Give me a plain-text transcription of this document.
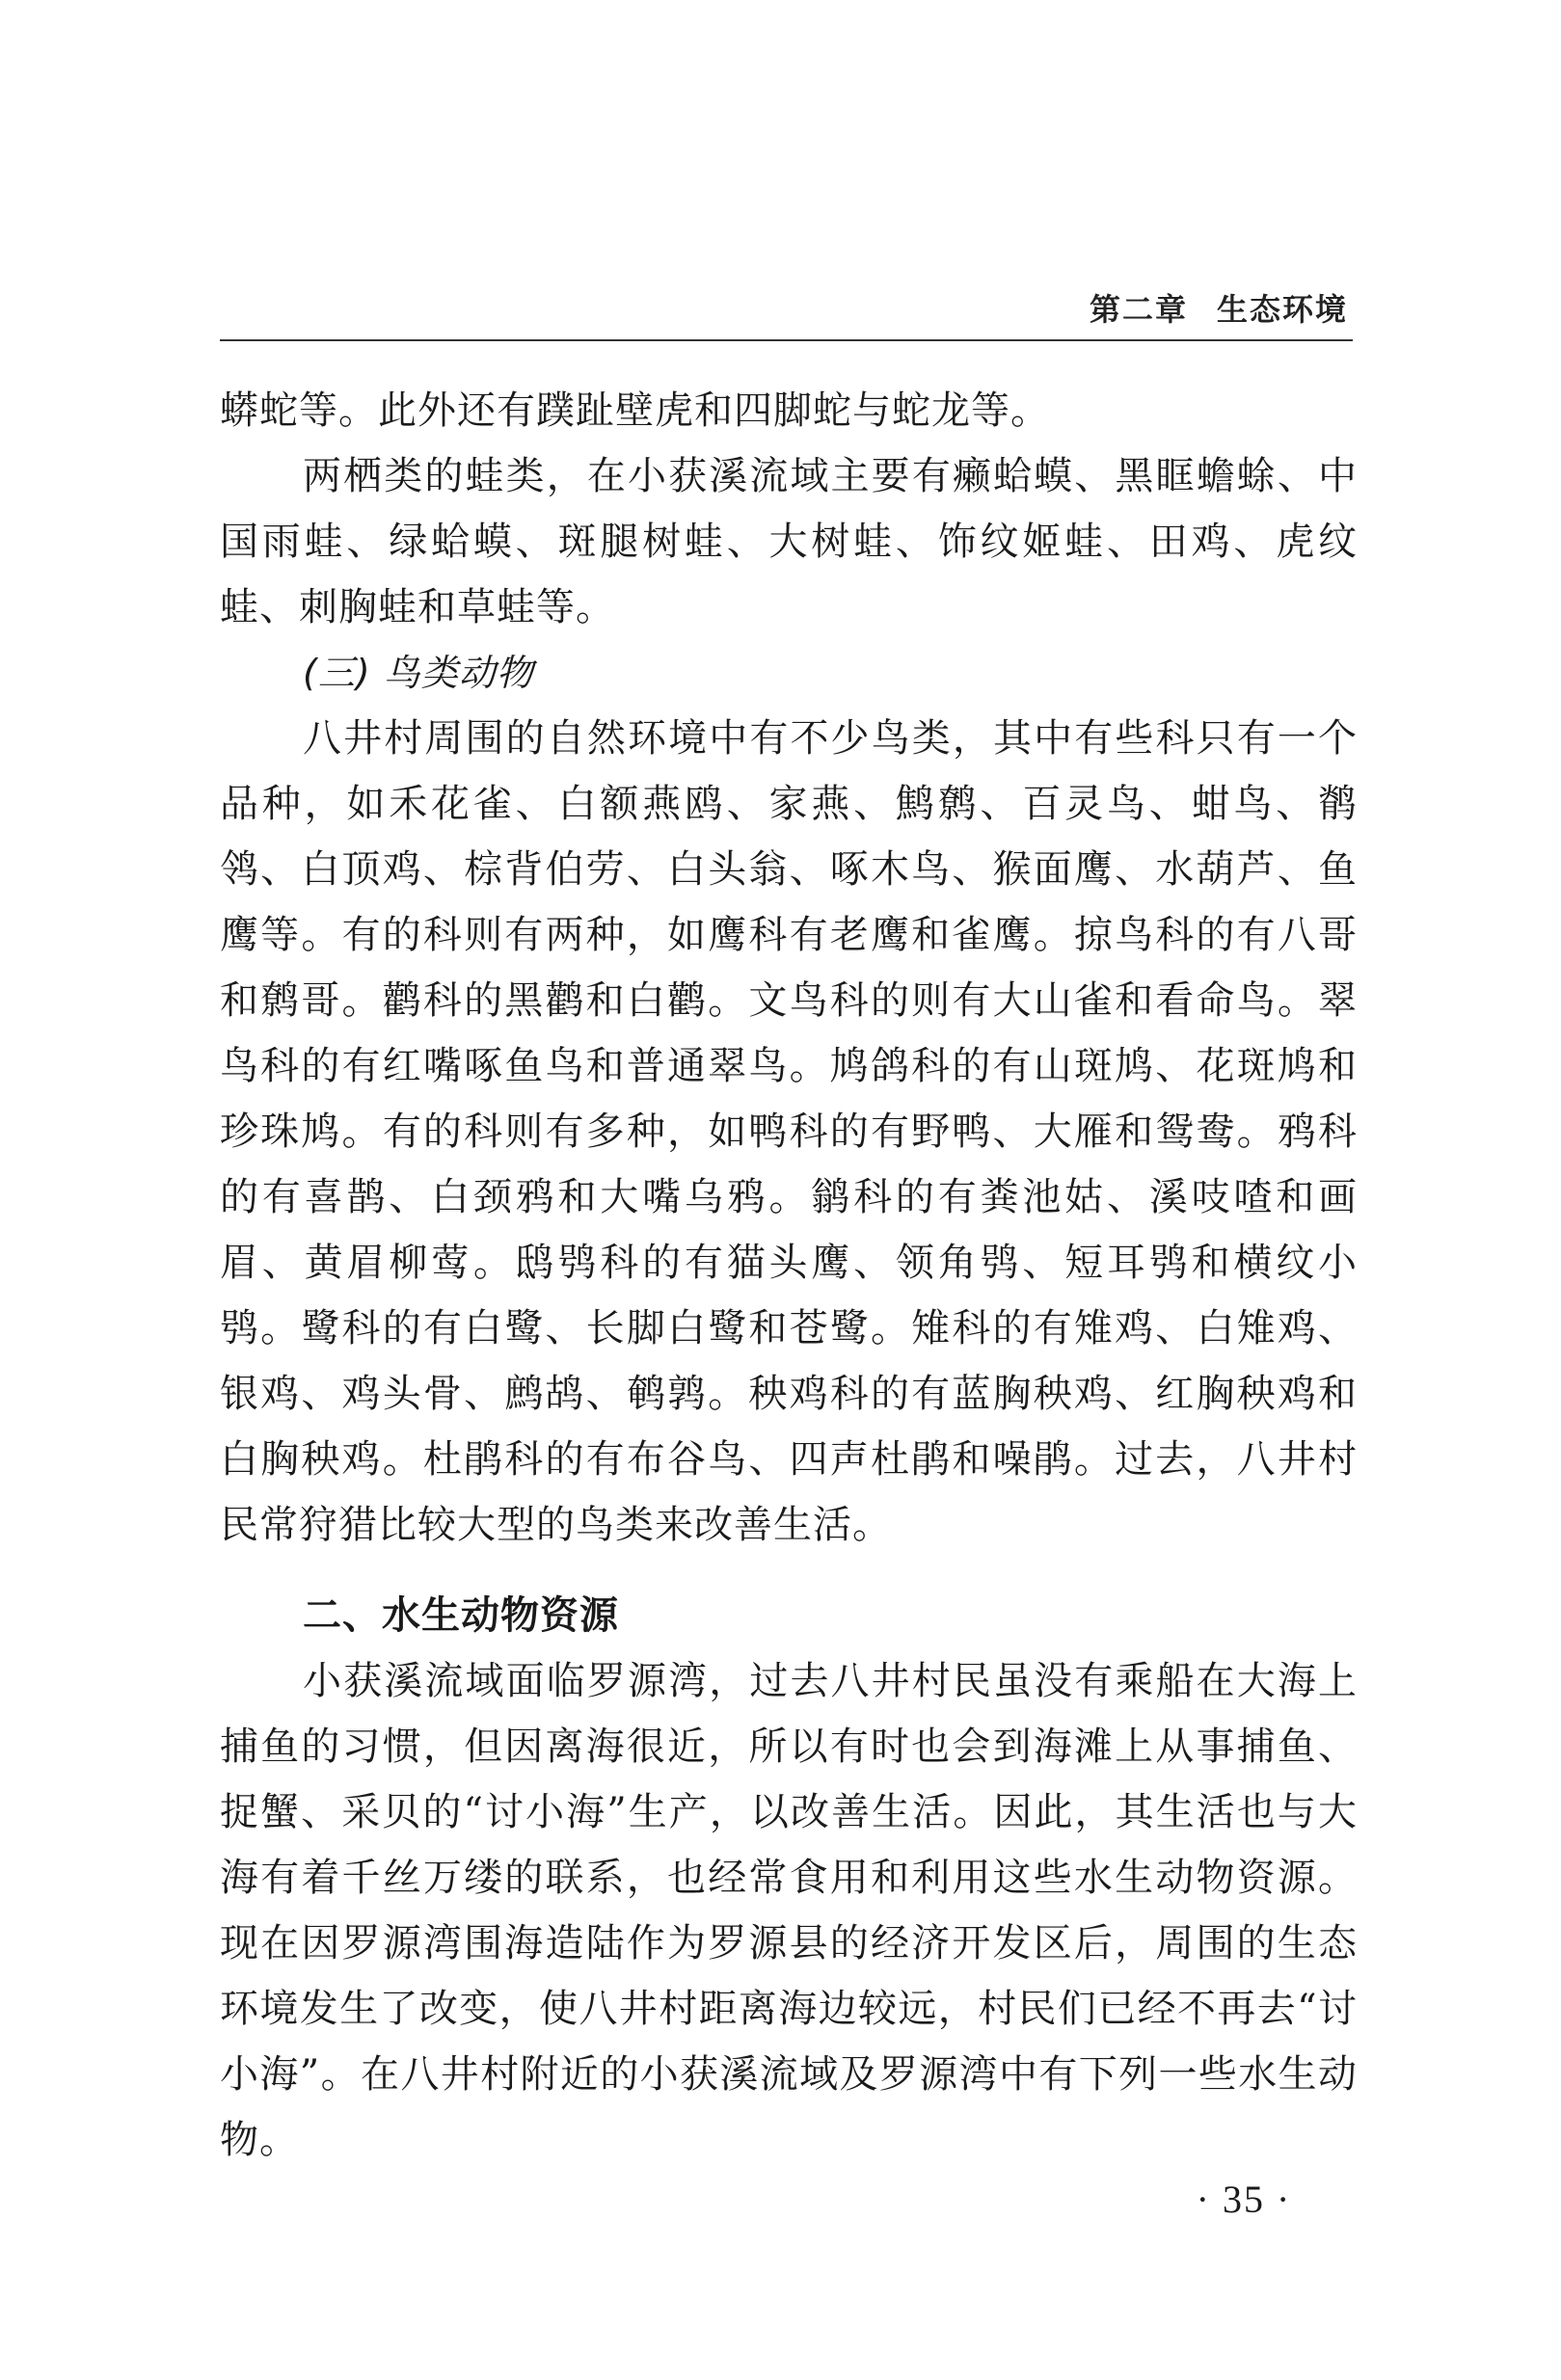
第二章 生态环境

蟒蛇等。此外还有蹼趾壁虎和四脚蛇与蛇龙等。

两栖类的蛙类，在小获溪流域主要有癞蛤蟆、黑眶蟾蜍、中国雨蛙、绿蛤蟆、斑腿树蛙、大树蛙、饰纹姬蛙、田鸡、虎纹蛙、刺胸蛙和草蛙等。

(三) 鸟类动物

八井村周围的自然环境中有不少鸟类，其中有些科只有一个品种，如禾花雀、白额燕鸥、家燕、鹪鹩、百灵鸟、蚶鸟、鹡鸰、白顶鸡、棕背伯劳、白头翁、啄木鸟、猴面鹰、水葫芦、鱼鹰等。有的科则有两种，如鹰科有老鹰和雀鹰。掠鸟科的有八哥和鹩哥。鹳科的黑鹳和白鹳。文鸟科的则有大山雀和看命鸟。翠鸟科的有红嘴啄鱼鸟和普通翠鸟。鸠鸽科的有山斑鸠、花斑鸠和珍珠鸠。有的科则有多种，如鸭科的有野鸭、大雁和鸳鸯。鸦科的有喜鹊、白颈鸦和大嘴乌鸦。鹟科的有粪池姑、溪吱喳和画眉、黄眉柳莺。鸱鸮科的有猫头鹰、领角鸮、短耳鸮和横纹小鸮。鹭科的有白鹭、长脚白鹭和苍鹭。雉科的有雉鸡、白雉鸡、银鸡、鸡头骨、鹧鸪、鹌鹑。秧鸡科的有蓝胸秧鸡、红胸秧鸡和白胸秧鸡。杜鹃科的有布谷鸟、四声杜鹃和噪鹃。过去，八井村民常狩猎比较大型的鸟类来改善生活。

二、水生动物资源

小获溪流域面临罗源湾，过去八井村民虽没有乘船在大海上捕鱼的习惯，但因离海很近，所以有时也会到海滩上从事捕鱼、捉蟹、采贝的“讨小海”生产，以改善生活。因此，其生活也与大海有着千丝万缕的联系，也经常食用和利用这些水生动物资源。现在因罗源湾围海造陆作为罗源县的经济开发区后，周围的生态环境发生了改变，使八井村距离海边较远，村民们已经不再去“讨小海”。在八井村附近的小获溪流域及罗源湾中有下列一些水生动物。

· 35 ·
